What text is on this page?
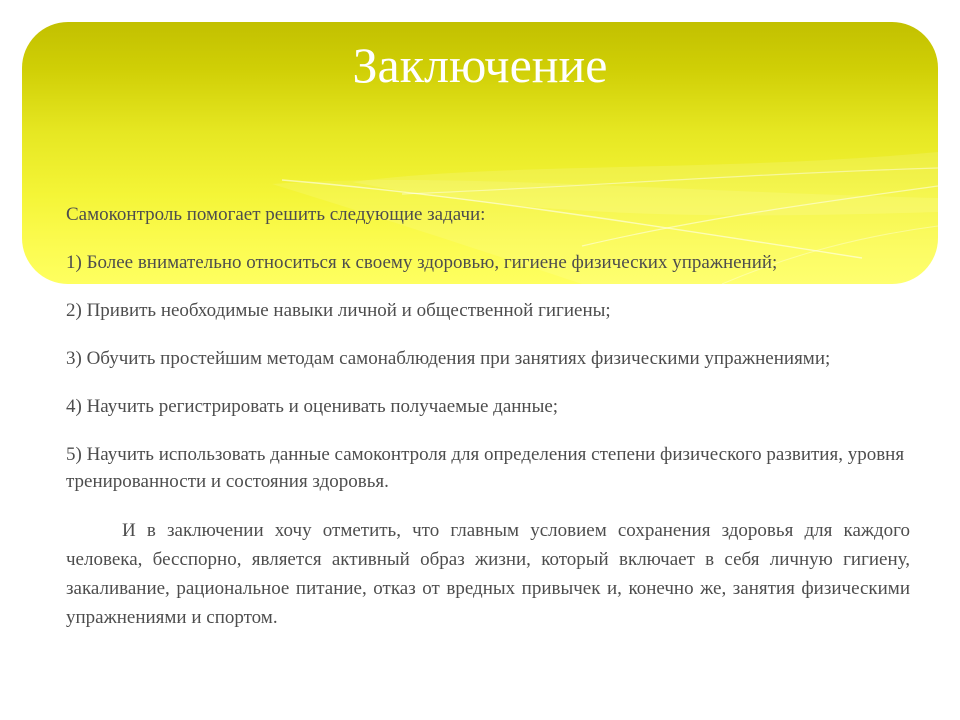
Заключение

Самоконтроль помогает решить следующие задачи:

1) Более внимательно относиться к своему здоровью, гигиене физических упражнений;

2) Привить необходимые навыки личной и общественной гигиены;

3) Обучить простейшим методам самонаблюдения при занятиях физическими упражнениями;

4) Научить регистрировать и оценивать получаемые данные;

5) Научить использовать данные самоконтроля для определения степени физического развития, уровня тренированности и состояния здоровья.

И в заключении хочу отметить, что главным условием сохранения здоровья для каждого человека, бесспорно, является активный образ жизни, который включает в себя личную гигиену, закаливание, рациональное питание, отказ от вредных привычек и, конечно же, занятия физическими упражнениями и спортом.
